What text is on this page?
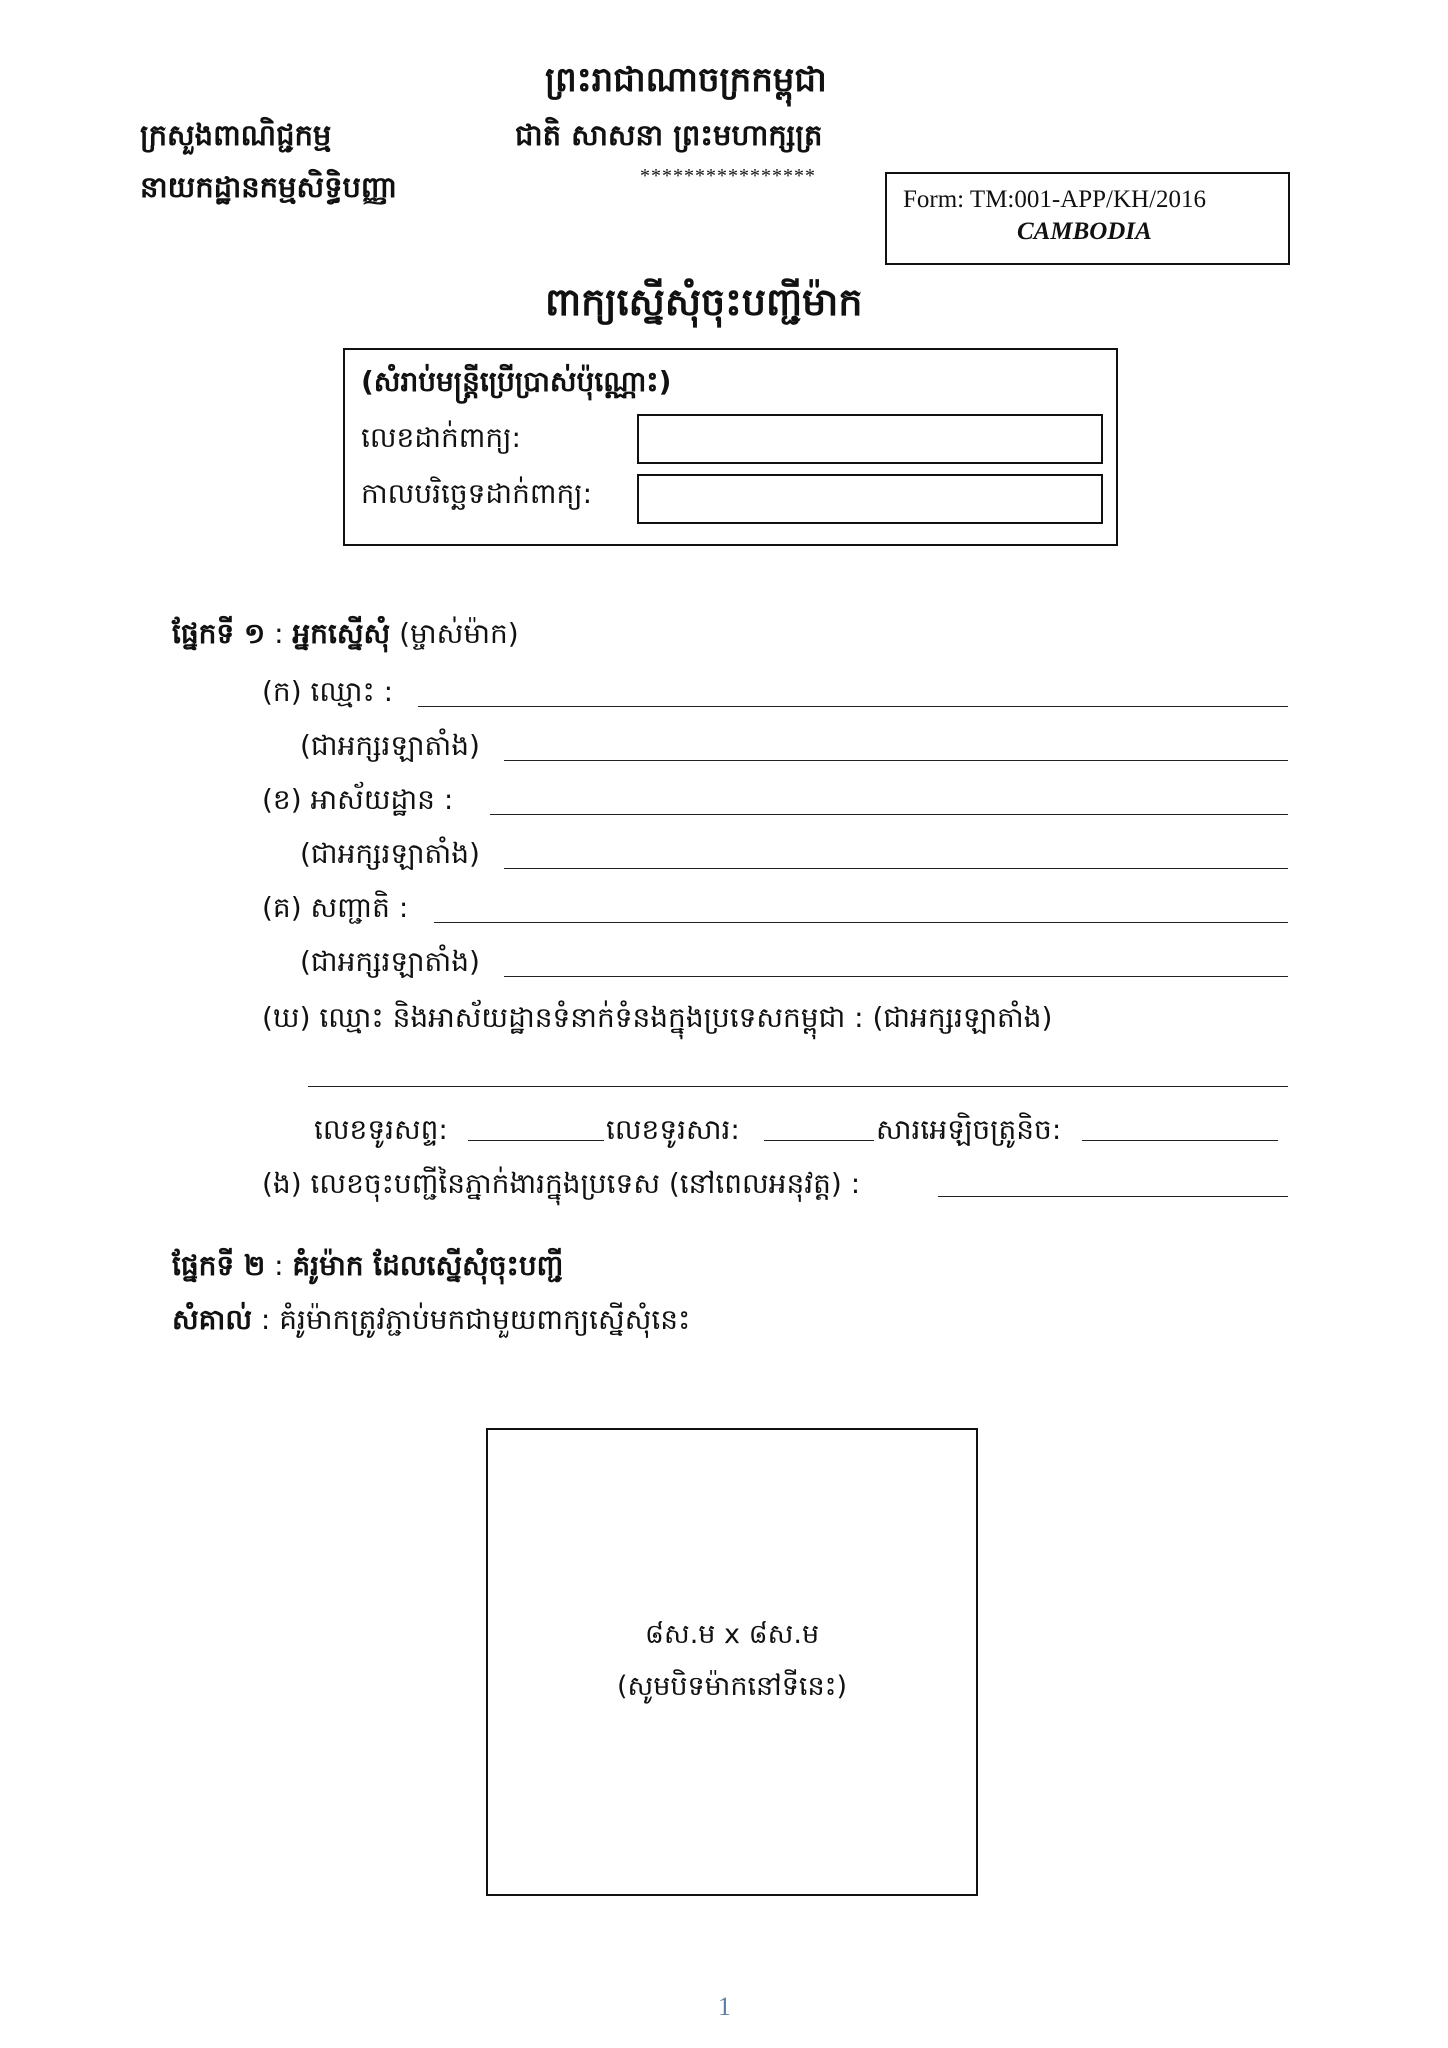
ព្រះរាជាណាចក្រកម្ពុជា
ក្រសួងពាណិជ្ជកម្ម	ជាតិ សាសនា ព្រះមហាក្សត្រ
នាយកដ្ឋានកម្មសិទ្ធិបញ្ញា	****************
Form: TM:001-APP/KH/2016
CAMBODIA
ពាក្យស្នើសុំចុះបញ្ជីម៉ាក
(សំរាប់មន្ត្រីប្រើប្រាស់ប៉ុណ្ណោះ)
លេខដាក់ពាក្យ:
កាលបរិច្ឆេទដាក់ពាក្យ:
ផ្នែកទី ១ : អ្នកស្នើសុំ (ម្ចាស់ម៉ាក)
(ក) ឈ្មោះ :
(ជាអក្សរឡាតាំង)
(ខ) អាស័យដ្ឋាន :
(ជាអក្សរឡាតាំង)
(គ) សញ្ជាតិ :
(ជាអក្សរឡាតាំង)
(ឃ) ឈ្មោះ និងអាស័យដ្ឋានទំនាក់ទំនងក្នុងប្រទេសកម្ពុជា : (ជាអក្សរឡាតាំង)
លេខទូរសព្ទ:	លេខទូរសារ:	សារអេឡិចត្រូនិច:
(ង) លេខចុះបញ្ជីនៃភ្នាក់ងារក្នុងប្រទេស (នៅពេលអនុវត្ត) :
ផ្នែកទី ២ : គំរូម៉ាក ដែលស្នើសុំចុះបញ្ជី
សំគាល់ : គំរូម៉ាកត្រូវភ្ជាប់មកជាមួយពាក្យស្នើសុំនេះ
៨ស.ម x ៨ស.ម
(សូមបិទម៉ាកនៅទីនេះ)
1
